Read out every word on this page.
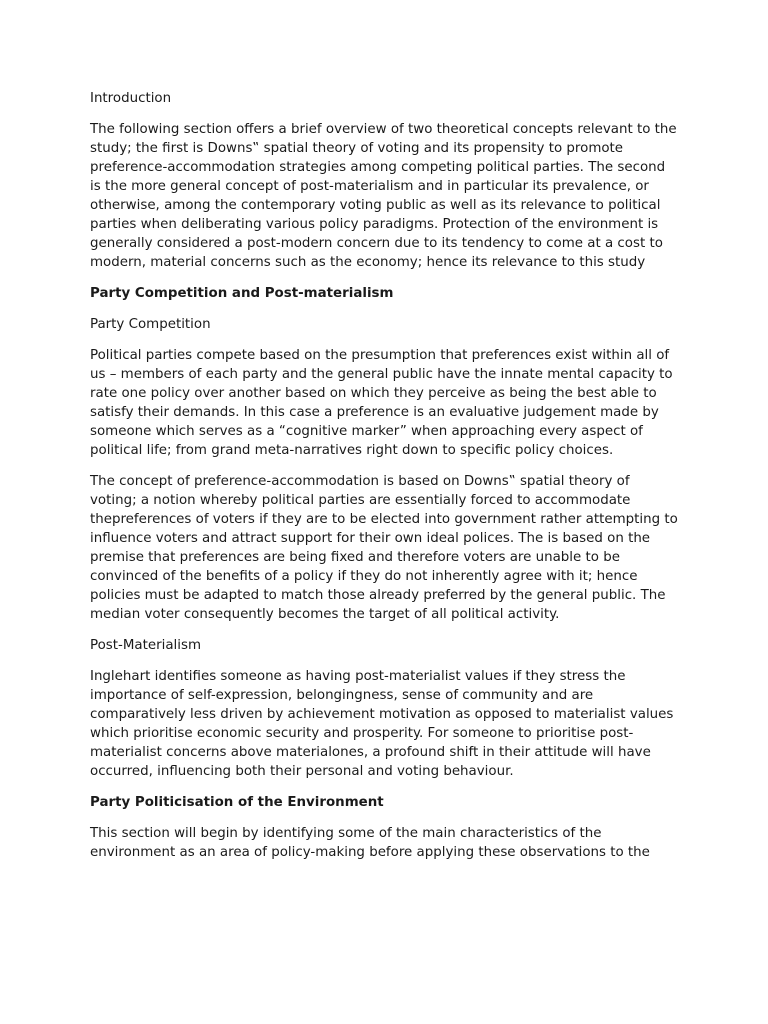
Introduction

The following section offers a brief overview of two theoretical concepts relevant to the study; the first is Downs‟ spatial theory of voting and its propensity to promote preference-accommodation strategies among competing political parties. The second is the more general concept of post-materialism and in particular its prevalence, or otherwise, among the contemporary voting public as well as its relevance to political parties when deliberating various policy paradigms. Protection of the environment is generally considered a post-modern concern due to its tendency to come at a cost to modern, material concerns such as the economy; hence its relevance to this study

Party Competition and Post-materialism

Party Competition

Political parties compete based on the presumption that preferences exist within all of us – members of each party and the general public have the innate mental capacity to rate one policy over another based on which they perceive as being the best able to satisfy their demands. In this case a preference is an evaluative judgement made by someone which serves as a “cognitive marker” when approaching every aspect of political life; from grand meta-narratives right down to specific policy choices.

The concept of preference-accommodation is based on Downs‟ spatial theory of voting; a notion whereby political parties are essentially forced to accommodate thepreferences of voters if they are to be elected into government rather attempting to influence voters and attract support for their own ideal polices. The is based on the premise that preferences are being fixed and therefore voters are unable to be convinced of the benefits of a policy if they do not inherently agree with it; hence policies must be adapted to match those already preferred by the general public. The median voter consequently becomes the target of all political activity.

Post-Materialism

Inglehart identifies someone as having post-materialist values if they stress the importance of self-expression, belongingness, sense of community and are comparatively less driven by achievement motivation as opposed to materialist values which prioritise economic security and prosperity. For someone to prioritise post-materialist concerns above materialones, a profound shift in their attitude will have occurred, influencing both their personal and voting behaviour.

Party Politicisation of the Environment

This section will begin by identifying some of the main characteristics of the environment as an area of policy-making before applying these observations to the
